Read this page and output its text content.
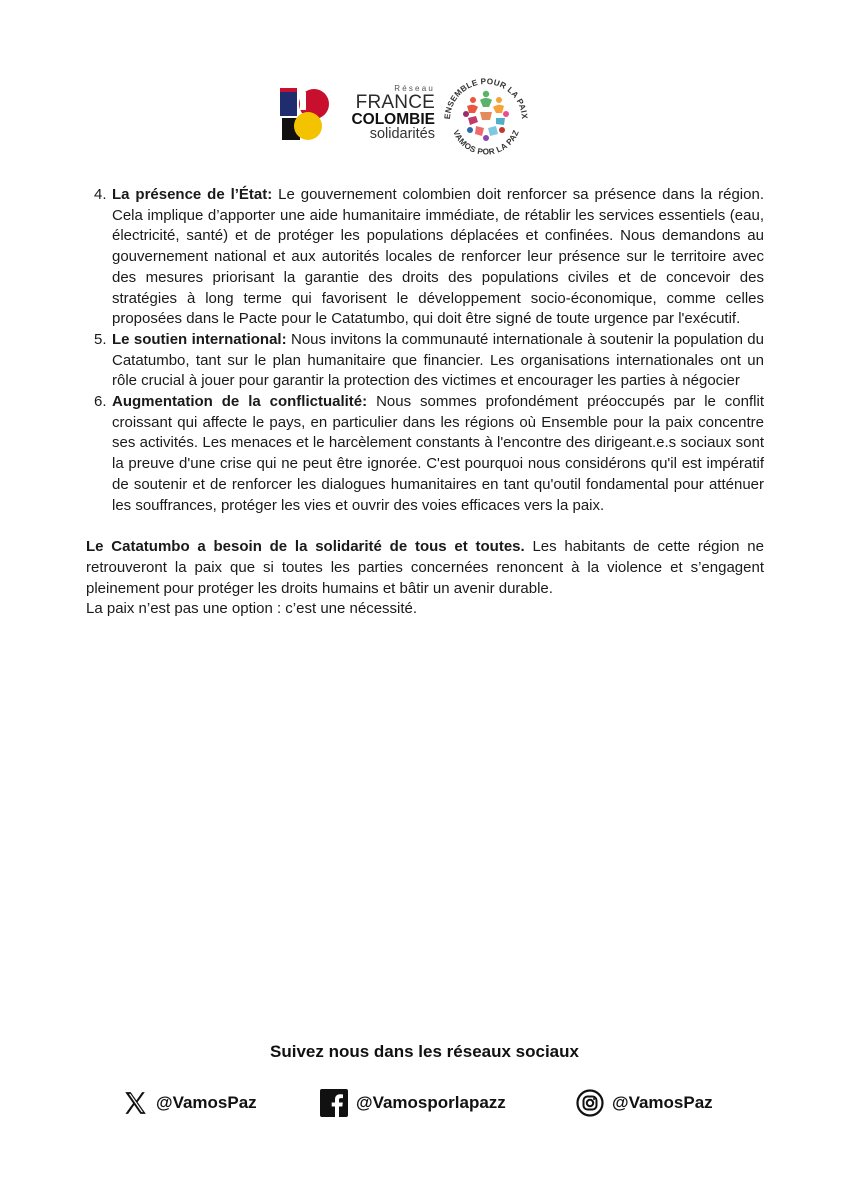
Réseau
FRANCE
COLOMBIE
solidarités
ENSEMBLE POUR LA PAIX
VAMOS POR LA PAZ
4. La présence de l’État: Le gouvernement colombien doit renforcer sa présence dans la région. Cela implique d’apporter une aide humanitaire immédiate, de rétablir les services essentiels (eau, électricité, santé) et de protéger les populations déplacées et confinées. Nous demandons au gouvernement national et aux autorités locales de renforcer leur présence sur le territoire avec des mesures priorisant la garantie des droits des populations civiles et de concevoir des stratégies à long terme qui favorisent le développement socio-économique, comme celles proposées dans le Pacte pour le Catatumbo, qui doit être signé de toute urgence par l'exécutif.
5. Le soutien international: Nous invitons la communauté internationale à soutenir la population du Catatumbo, tant sur le plan humanitaire que financier. Les organisations internationales ont un rôle crucial à jouer pour garantir la protection des victimes et encourager les parties à négocier
6. Augmentation de la conflictualité: Nous sommes profondément préoccupés par le conflit croissant qui affecte le pays, en particulier dans les régions où Ensemble pour la paix concentre ses activités. Les menaces et le harcèlement constants à l'encontre des dirigeant.e.s sociaux sont la preuve d'une crise qui ne peut être ignorée. C'est pourquoi nous considérons qu'il est impératif de soutenir et de renforcer les dialogues humanitaires en tant qu'outil fondamental pour atténuer les souffrances, protéger les vies et ouvrir des voies efficaces vers la paix.

Le Catatumbo a besoin de la solidarité de tous et toutes. Les habitants de cette région ne retrouveront la paix que si toutes les parties concernées renoncent à la violence et s’engagent pleinement pour protéger les droits humains et bâtir un avenir durable.

La paix n’est pas une option : c’est une nécessité.

Suivez nous dans les réseaux sociaux
@VamosPaz	@Vamosporlapazz	@VamosPaz
